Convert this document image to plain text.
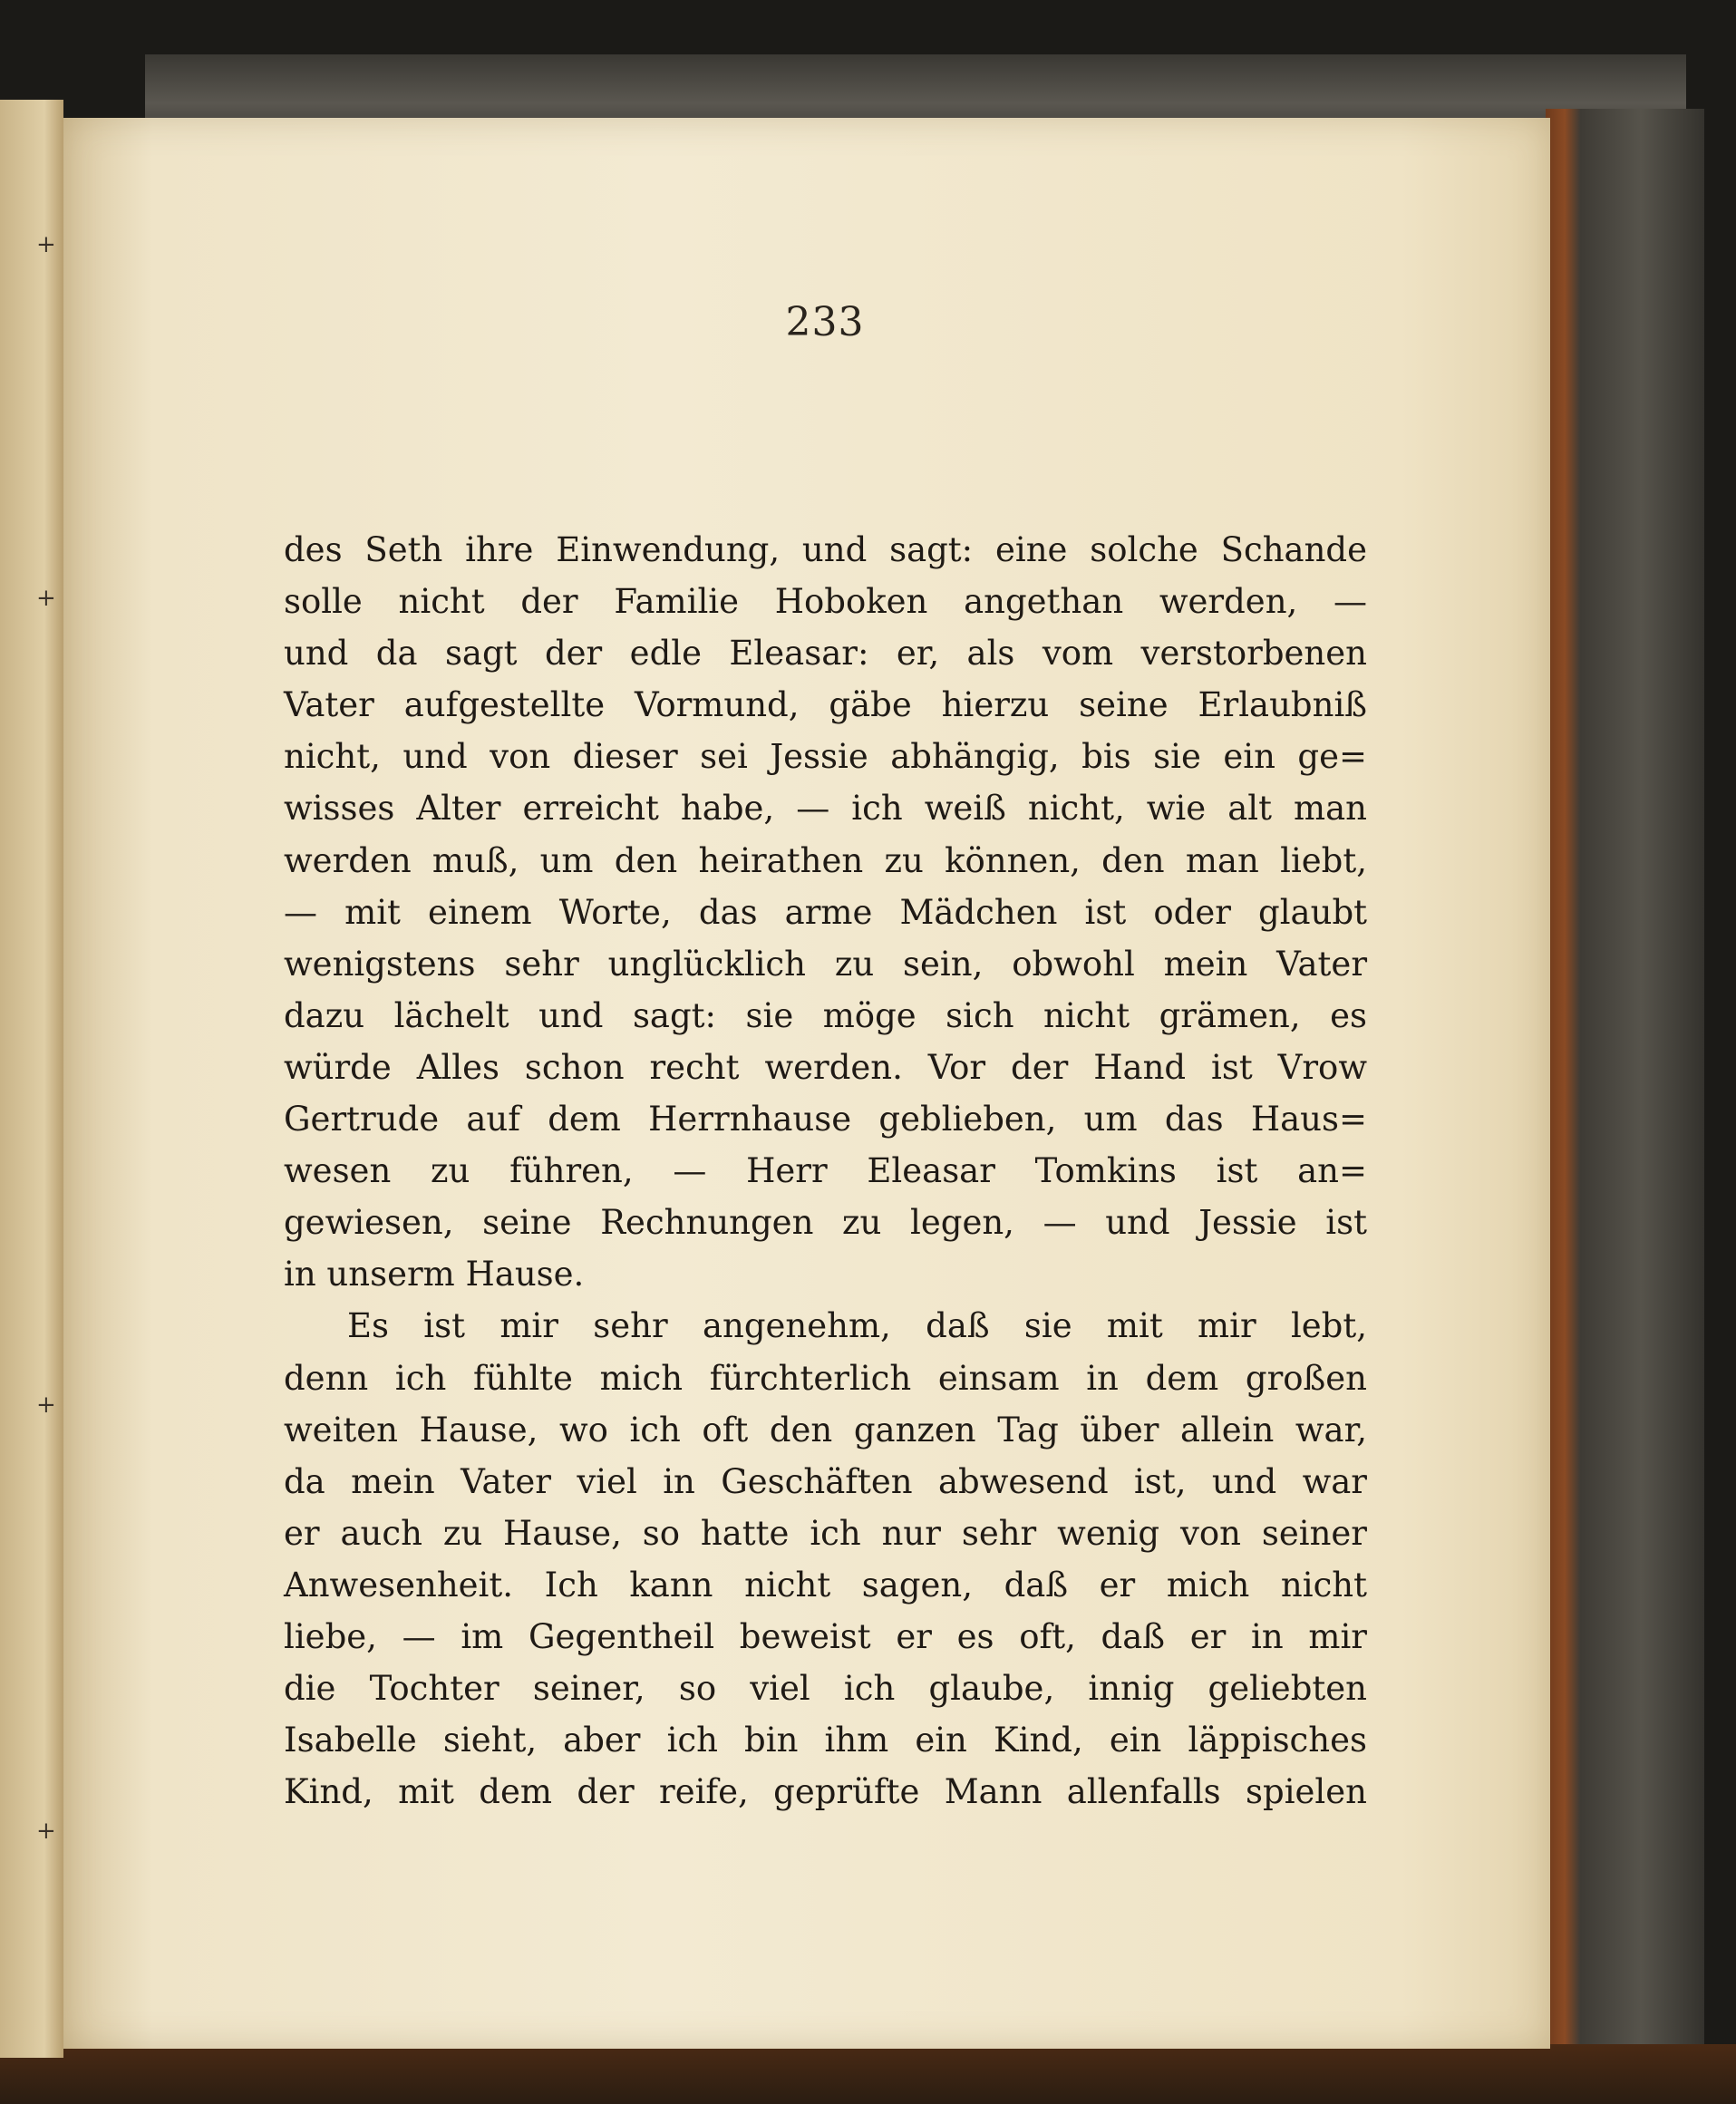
+
+
+
+
233
des Seth ihre Einwendung, und sagt: eine solche Schande
solle nicht der Familie Hoboken angethan werden, —
und da sagt der edle Eleasar: er, als vom verstorbenen
Vater aufgestellte Vormund, gäbe hierzu seine Erlaubniß
nicht, und von dieser sei Jessie abhängig, bis sie ein ge=
wisses Alter erreicht habe, — ich weiß nicht, wie alt man
werden muß, um den heirathen zu können, den man liebt,
— mit einem Worte, das arme Mädchen ist oder glaubt
wenigstens sehr unglücklich zu sein, obwohl mein Vater
dazu lächelt und sagt: sie möge sich nicht grämen, es
würde Alles schon recht werden. Vor der Hand ist Vrow
Gertrude auf dem Herrnhause geblieben, um das Haus=
wesen zu führen, — Herr Eleasar Tomkins ist an=
gewiesen, seine Rechnungen zu legen, — und Jessie ist
in unserm Hause.
Es ist mir sehr angenehm, daß sie mit mir lebt,
denn ich fühlte mich fürchterlich einsam in dem großen
weiten Hause, wo ich oft den ganzen Tag über allein war,
da mein Vater viel in Geschäften abwesend ist, und war
er auch zu Hause, so hatte ich nur sehr wenig von seiner
Anwesenheit. Ich kann nicht sagen, daß er mich nicht
liebe, — im Gegentheil beweist er es oft, daß er in mir
die Tochter seiner, so viel ich glaube, innig geliebten
Isabelle sieht, aber ich bin ihm ein Kind, ein läppisches
Kind, mit dem der reife, geprüfte Mann allenfalls spielen
